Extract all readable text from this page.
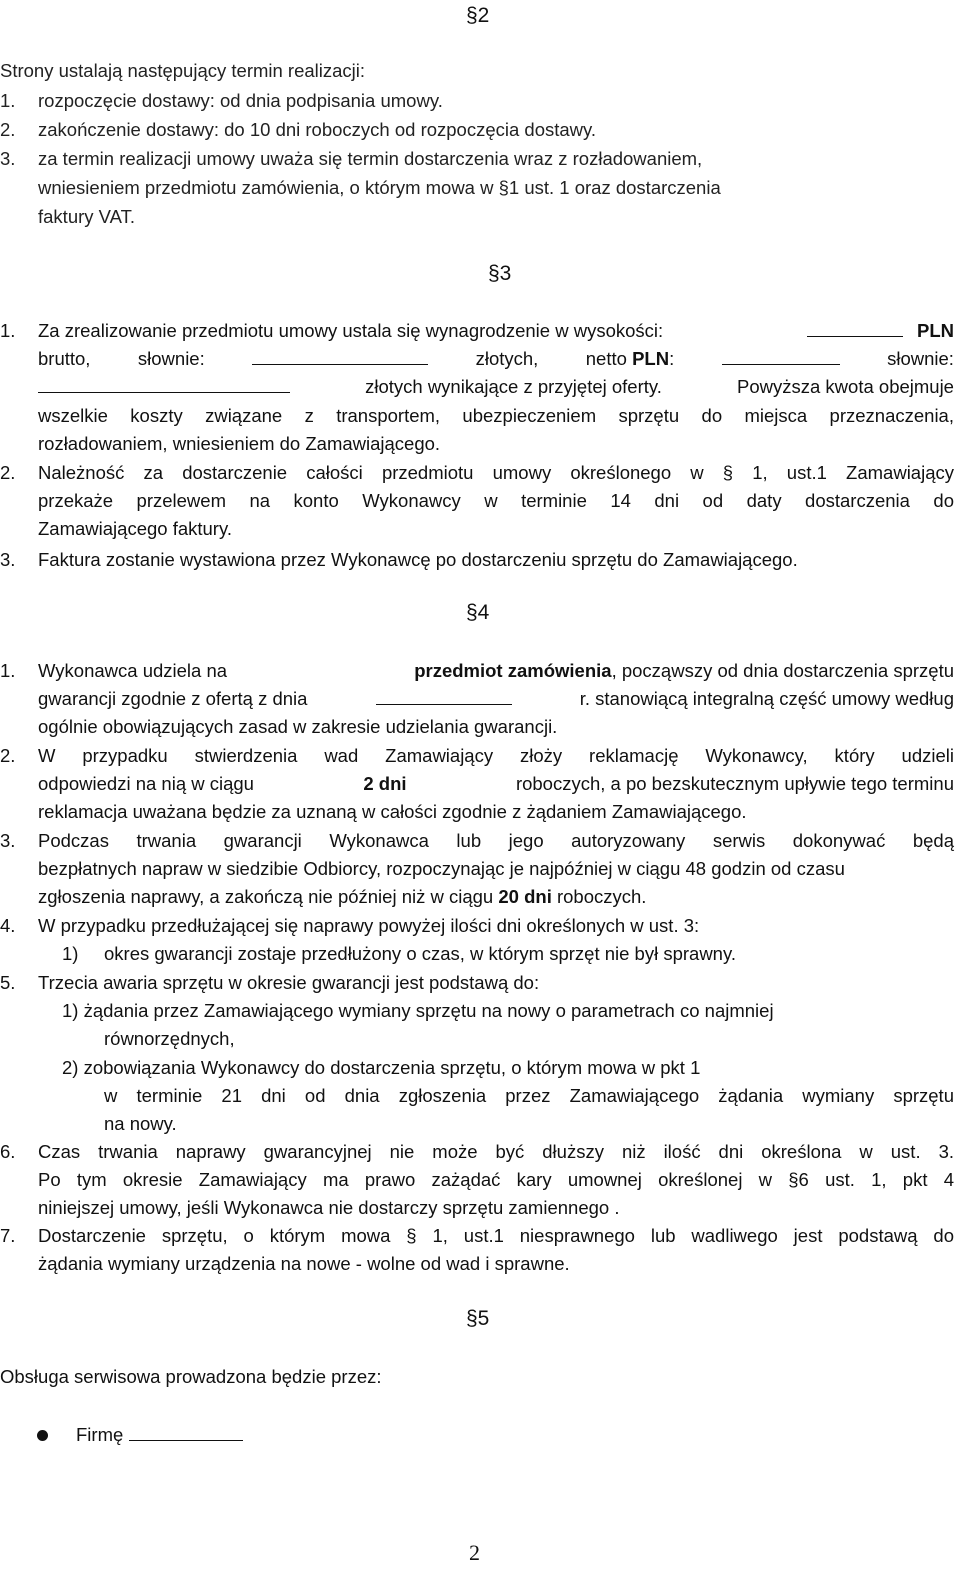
§2
Strony ustalają następujący termin realizacji:
1. rozpoczęcie dostawy: od dnia podpisania umowy.
2. zakończenie dostawy: do 10 dni roboczych od rozpoczęcia dostawy.
3. za termin realizacji umowy uważa się termin dostarczenia wraz z rozładowaniem,
wniesieniem przedmiotu zamówienia, o którym mowa w §1 ust. 1 oraz dostarczenia
faktury VAT.
§3
1. Za zrealizowanie przedmiotu umowy ustala się wynagrodzenie w wysokości:	PLN
brutto,	słownie:	złotych,	netto PLN:	słownie:
złotych wynikające z przyjętej oferty.	Powyższa kwota obejmuje
wszelkie koszty związane z transportem, ubezpieczeniem sprzętu do miejsca przeznaczenia,
rozładowaniem, wniesieniem do Zamawiającego.
2. Należność za dostarczenie całości przedmiotu umowy określonego w § 1, ust.1 Zamawiający
przekaże przelewem na konto Wykonawcy w terminie 14 dni od daty dostarczenia do
Zamawiającego faktury.
3. Faktura zostanie wystawiona przez Wykonawcę po dostarczeniu sprzętu do Zamawiającego.
§4
1. Wykonawca udziela na	przedmiot zamówienia, począwszy od dnia dostarczenia sprzętu
gwarancji zgodnie z ofertą z dnia	r. stanowiącą integralną część umowy według
ogólnie obowiązujących zasad w zakresie udzielania gwarancji.
2. W przypadku stwierdzenia wad Zamawiający złoży reklamację Wykonawcy, który udzieli
odpowiedzi na nią w ciągu	2 dni	roboczych, a po bezskutecznym upływie tego terminu
reklamacja uważana będzie za uznaną w całości zgodnie z żądaniem Zamawiającego.
3. Podczas trwania gwarancji Wykonawca lub jego autoryzowany serwis dokonywać będą
bezpłatnych napraw w siedzibie Odbiorcy, rozpoczynając je najpóźniej w ciągu 48 godzin od czasu
zgłoszenia naprawy, a zakończą nie później niż w ciągu 20 dni roboczych.
4. W przypadku przedłużającej się naprawy powyżej ilości dni określonych w ust. 3:
1) okres gwarancji zostaje przedłużony o czas, w którym sprzęt nie był sprawny.
5. Trzecia awaria sprzętu w okresie gwarancji jest podstawą do:
1) żądania przez Zamawiającego wymiany sprzętu na nowy o parametrach co najmniej
równorzędnych,
2) zobowiązania Wykonawcy do dostarczenia sprzętu, o którym mowa w pkt 1
w terminie 21 dni od dnia zgłoszenia przez Zamawiającego żądania wymiany sprzętu
na nowy.
6. Czas trwania naprawy gwarancyjnej nie może być dłuższy niż ilość dni określona w ust. 3.
Po tym okresie Zamawiający ma prawo zażądać kary umownej określonej w §6 ust. 1, pkt 4
niniejszej umowy, jeśli Wykonawca nie dostarczy sprzętu zamiennego .
7. Dostarczenie sprzętu, o którym mowa § 1, ust.1 niesprawnego lub wadliwego jest podstawą do
żądania wymiany urządzenia na nowe - wolne od wad i sprawne.
§5
Obsługa serwisowa prowadzona będzie przez:
Firmę
2
